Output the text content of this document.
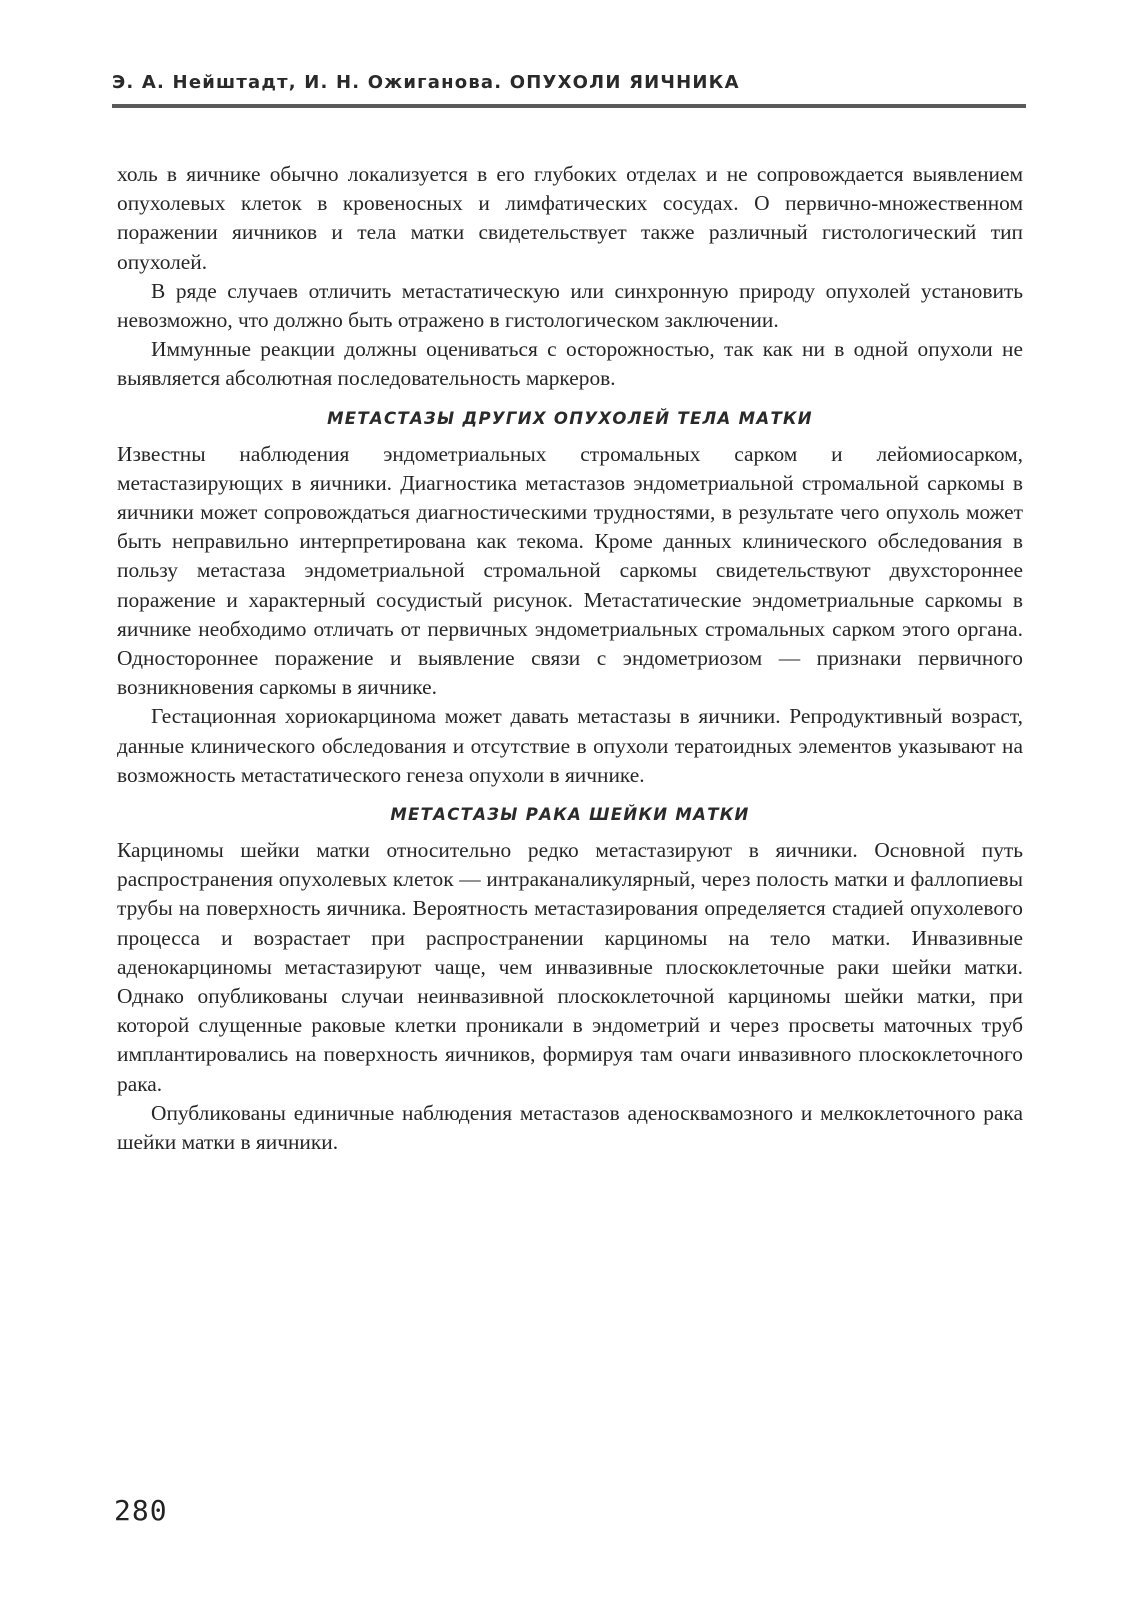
Э. А. Нейштадт, И. Н. Ожиганова. ОПУХОЛИ ЯИЧНИКА

холь в яичнике обычно локализуется в его глубоких отделах и не сопровождается выявлением опухолевых клеток в кровеносных и лимфатических сосудах. О первично-множественном поражении яичников и тела матки свидетельствует также различный гистологический тип опухолей.

В ряде случаев отличить метастатическую или синхронную природу опухолей установить невозможно, что должно быть отражено в гистологическом заключении.

Иммунные реакции должны оцениваться с осторожностью, так как ни в одной опухоли не выявляется абсолютная последовательность маркеров.

МЕТАСТАЗЫ ДРУГИХ ОПУХОЛЕЙ ТЕЛА МАТКИ

Известны наблюдения эндометриальных стромальных сарком и лейомиосарком, метастазирующих в яичники. Диагностика метастазов эндометриальной стромальной саркомы в яичники может сопровождаться диагностическими трудностями, в результате чего опухоль может быть неправильно интерпретирована как текома. Кроме данных клинического обследования в пользу метастаза эндометриальной стромальной саркомы свидетельствуют двухстороннее поражение и характерный сосудистый рисунок. Метастатические эндометриальные саркомы в яичнике необходимо отличать от первичных эндометриальных стромальных сарком этого органа. Одностороннее поражение и выявление связи с эндометриозом — признаки первичного возникновения саркомы в яичнике.

Гестационная хориокарцинома может давать метастазы в яичники. Репродуктивный возраст, данные клинического обследования и отсутствие в опухоли тератоидных элементов указывают на возможность метастатического генеза опухоли в яичнике.

МЕТАСТАЗЫ РАКА ШЕЙКИ МАТКИ

Карциномы шейки матки относительно редко метастазируют в яичники. Основной путь распространения опухолевых клеток — интраканаликулярный, через полость матки и фаллопиевы трубы на поверхность яичника. Вероятность метастазирования определяется стадией опухолевого процесса и возрастает при распространении карциномы на тело матки. Инвазивные аденокарциномы метастазируют чаще, чем инвазивные плоскоклеточные раки шейки матки. Однако опубликованы случаи неинвазивной плоскоклеточной карциномы шейки матки, при которой слущенные раковые клетки проникали в эндометрий и через просветы маточных труб имплантировались на поверхность яичников, формируя там очаги инвазивного плоскоклеточного рака.

Опубликованы единичные наблюдения метастазов аденосквамозного и мелкоклеточного рака шейки матки в яичники.

280
